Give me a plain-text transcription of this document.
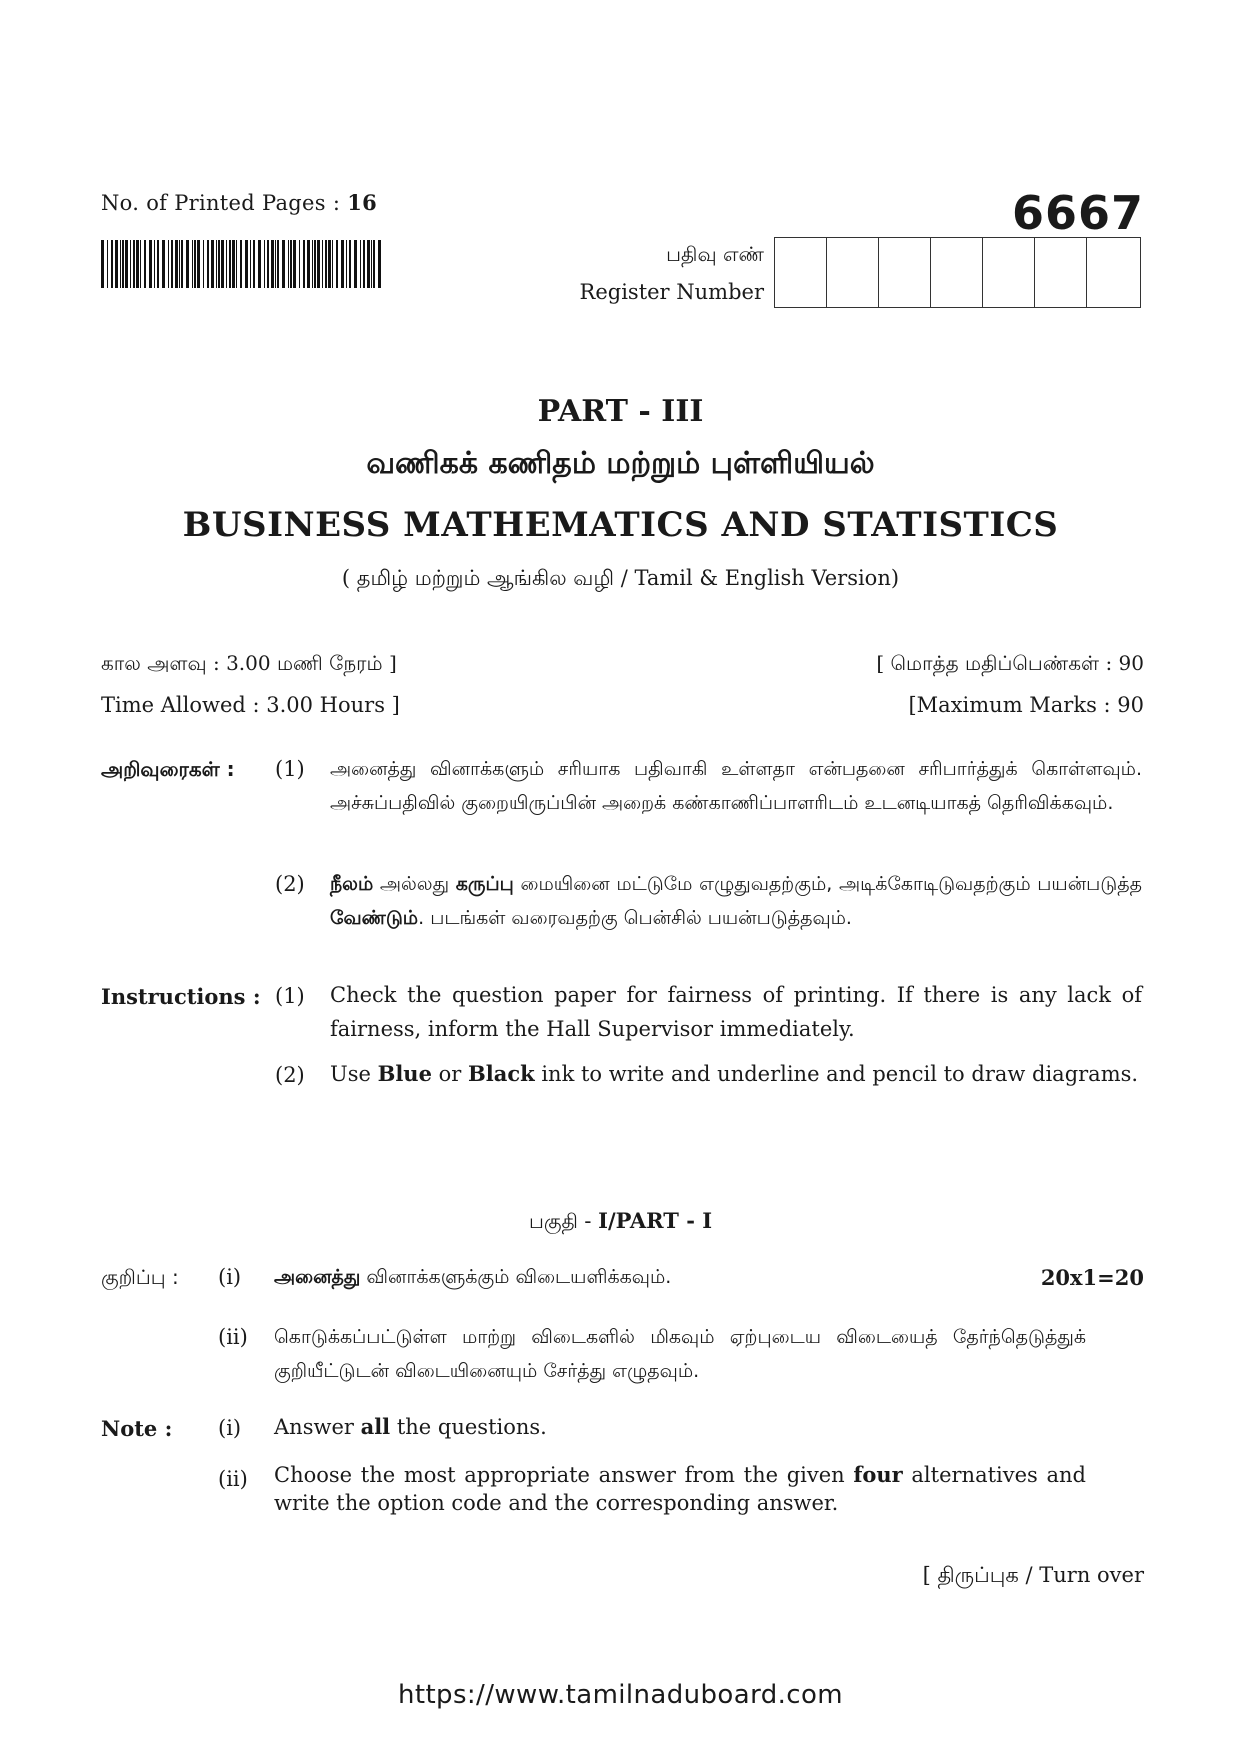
No. of Printed Pages : 16	6667
பதிவு எண்
Register Number
PART - III
வணிகக் கணிதம் மற்றும் புள்ளியியல்
BUSINESS MATHEMATICS AND STATISTICS
( தமிழ் மற்றும் ஆங்கில வழி / Tamil & English Version)
கால அளவு : 3.00 மணி நேரம் ]	[ மொத்த மதிப்பெண்கள் : 90
Time Allowed : 3.00 Hours ]	[Maximum Marks : 90
அறிவுரைகள் : (1) அனைத்து வினாக்களும் சரியாக பதிவாகி உள்ளதா என்பதனை சரிபார்த்துக் கொள்ளவும். அச்சுப்பதிவில் குறையிருப்பின் அறைக் கண்காணிப்பாளரிடம் உடனடியாகத் தெரிவிக்கவும்.
(2) நீலம் அல்லது கருப்பு மையினை மட்டுமே எழுதுவதற்கும், அடிக்கோடிடுவதற்கும் பயன்படுத்த வேண்டும். படங்கள் வரைவதற்கு பென்சில் பயன்படுத்தவும்.
Instructions : (1) Check the question paper for fairness of printing. If there is any lack of fairness, inform the Hall Supervisor immediately.
(2) Use Blue or Black ink to write and underline and pencil to draw diagrams.
பகுதி - I/PART - I
குறிப்பு : (i) அனைத்து வினாக்களுக்கும் விடையளிக்கவும்.	20x1=20
(ii) கொடுக்கப்பட்டுள்ள மாற்று விடைகளில் மிகவும் ஏற்புடைய விடையைத் தேர்ந்தெடுத்துக் குறியீட்டுடன் விடையினையும் சேர்த்து எழுதவும்.
Note : (i) Answer all the questions.
(ii) Choose the most appropriate answer from the given four alternatives and write the option code and the corresponding answer.
[ திருப்புக / Turn over
https://www.tamilnaduboard.com
